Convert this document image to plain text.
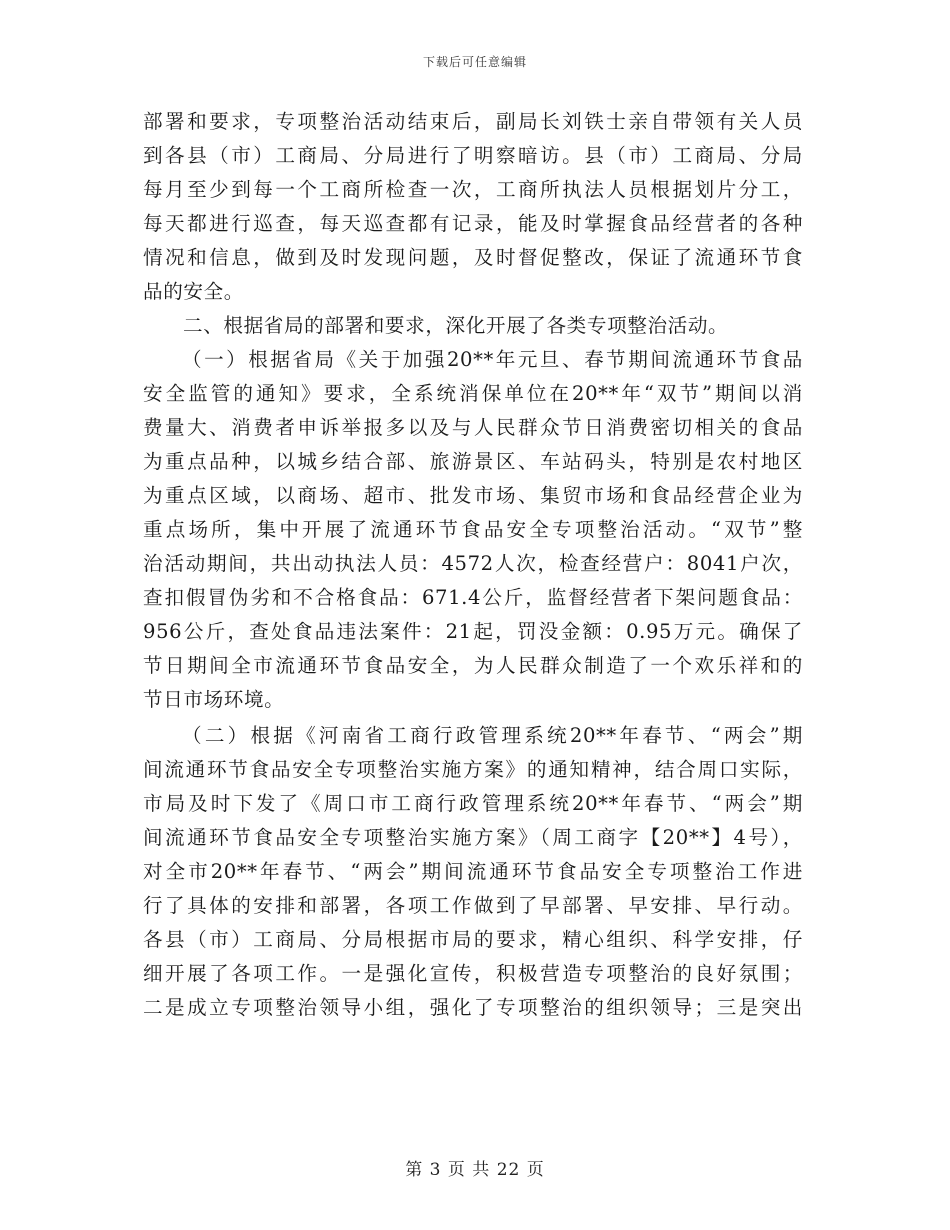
下载后可任意编辑
部署和要求，专项整治活动结束后，副局长刘铁士亲自带领有关人员
到各县（市）工商局、分局进行了明察暗访。县（市）工商局、分局
每月至少到每一个工商所检查一次，工商所执法人员根据划片分工，
每天都进行巡查，每天巡查都有记录，能及时掌握食品经营者的各种
情况和信息，做到及时发现问题，及时督促整改，保证了流通环节食
品的安全。
二、根据省局的部署和要求，深化开展了各类专项整治活动。
（一）根据省局《关于加强20**年元旦、春节期间流通环节食品
安全监管的通知》要求，全系统消保单位在20**年“双节”期间以消
费量大、消费者申诉举报多以及与人民群众节日消费密切相关的食品
为重点品种，以城乡结合部、旅游景区、车站码头，特别是农村地区
为重点区域，以商场、超市、批发市场、集贸市场和食品经营企业为
重点场所，集中开展了流通环节食品安全专项整治活动。“双节”整
治活动期间，共出动执法人员：4572人次，检查经营户：8041户次，
查扣假冒伪劣和不合格食品：671.4公斤，监督经营者下架问题食品：
956公斤，查处食品违法案件：21起，罚没金额：0.95万元。确保了
节日期间全市流通环节食品安全，为人民群众制造了一个欢乐祥和的
节日市场环境。
（二）根据《河南省工商行政管理系统20**年春节、“两会”期
间流通环节食品安全专项整治实施方案》的通知精神，结合周口实际，
市局及时下发了《周口市工商行政管理系统20**年春节、“两会”期
间流通环节食品安全专项整治实施方案》（周工商字【20**】4号），
对全市20**年春节、“两会”期间流通环节食品安全专项整治工作进
行了具体的安排和部署，各项工作做到了早部署、早安排、早行动。
各县（市）工商局、分局根据市局的要求，精心组织、科学安排，仔
细开展了各项工作。一是强化宣传，积极营造专项整治的良好氛围；
二是成立专项整治领导小组，强化了专项整治的组织领导；三是突出
第 3 页 共 22 页
